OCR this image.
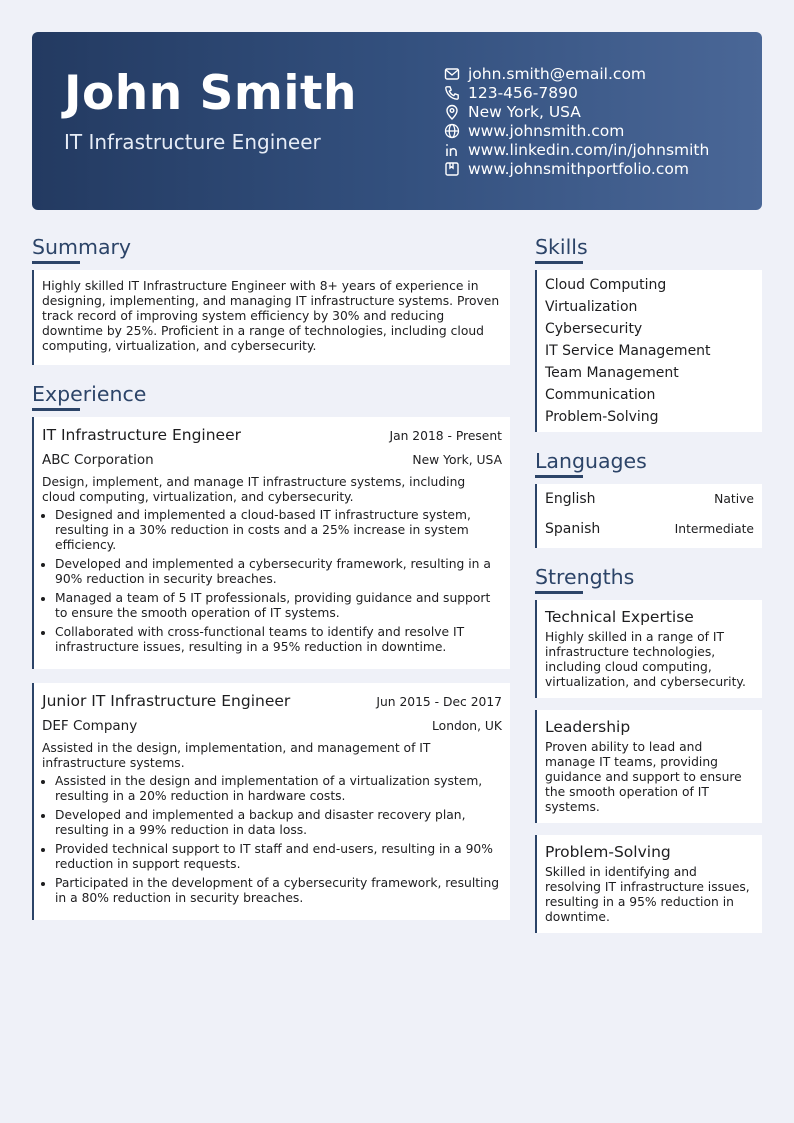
John Smith

IT Infrastructure Engineer

john.smith@email.com
123-456-7890
New York, USA
www.johnsmith.com
www.linkedin.com/in/johnsmith
www.johnsmithportfolio.com
Summary
Highly skilled IT Infrastructure Engineer with 8+ years of experience in designing, implementing, and managing IT infrastructure systems. Proven track record of improving system efficiency by 30% and reducing downtime by 25%. Proficient in a range of technologies, including cloud computing, virtualization, and cybersecurity.
Experience
IT Infrastructure Engineer	Jan 2018 - Present
ABC Corporation	New York, USA
Design, implement, and manage IT infrastructure systems, including cloud computing, virtualization, and cybersecurity.
• Designed and implemented a cloud-based IT infrastructure system, resulting in a 30% reduction in costs and a 25% increase in system efficiency.
• Developed and implemented a cybersecurity framework, resulting in a 90% reduction in security breaches.
• Managed a team of 5 IT professionals, providing guidance and support to ensure the smooth operation of IT systems.
• Collaborated with cross-functional teams to identify and resolve IT infrastructure issues, resulting in a 95% reduction in downtime.
Junior IT Infrastructure Engineer	Jun 2015 - Dec 2017
DEF Company	London, UK
Assisted in the design, implementation, and management of IT infrastructure systems.
• Assisted in the design and implementation of a virtualization system, resulting in a 20% reduction in hardware costs.
• Developed and implemented a backup and disaster recovery plan, resulting in a 99% reduction in data loss.
• Provided technical support to IT staff and end-users, resulting in a 90% reduction in support requests.
• Participated in the development of a cybersecurity framework, resulting in a 80% reduction in security breaches.
Skills
Cloud Computing
Virtualization
Cybersecurity
IT Service Management
Team Management
Communication
Problem-Solving
Languages
English	Native
Spanish	Intermediate
Strengths
Technical Expertise
Highly skilled in a range of IT infrastructure technologies, including cloud computing, virtualization, and cybersecurity.
Leadership
Proven ability to lead and manage IT teams, providing guidance and support to ensure the smooth operation of IT systems.
Problem-Solving
Skilled in identifying and resolving IT infrastructure issues, resulting in a 95% reduction in downtime.
